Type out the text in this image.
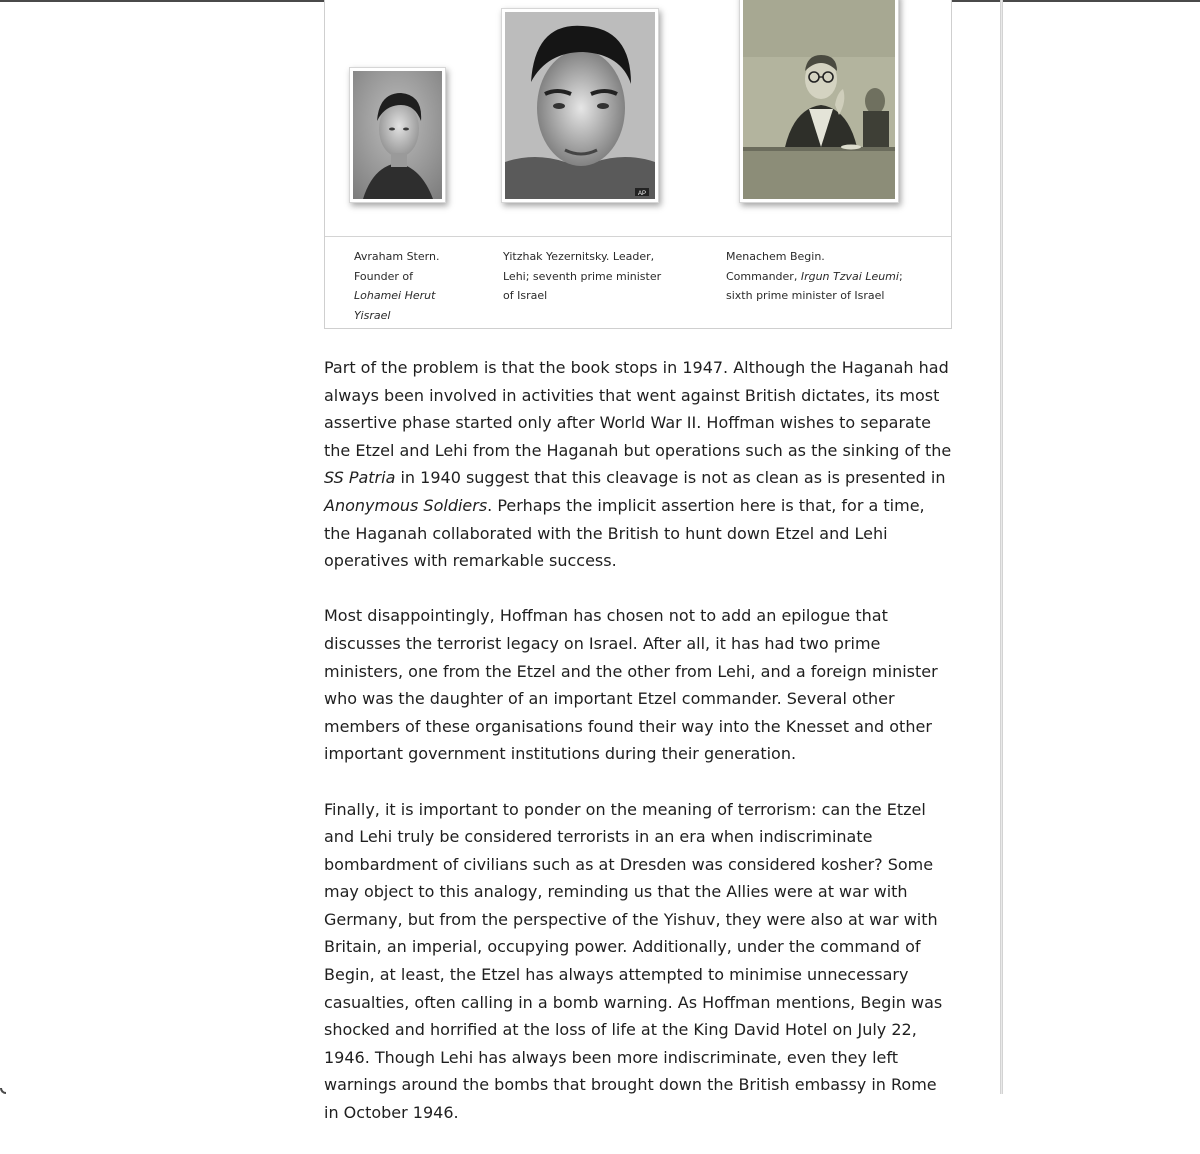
AP
Avraham Stern.
Founder of
Lohamei Herut
Yisrael
Yitzhak Yezernitsky. Leader,
Lehi; seventh prime minister
of Israel
Menachem Begin.
Commander, Irgun Tzvai Leumi;
sixth prime minister of Israel

Part of the problem is that the book stops in 1947. Although the Haganah had always been involved in activities that went against British dictates, its most assertive phase started only after World War II. Hoffman wishes to separate the Etzel and Lehi from the Haganah but operations such as the sinking of the SS Patria in 1940 suggest that this cleavage is not as clean as is presented in Anonymous Soldiers. Perhaps the implicit assertion here is that, for a time, the Haganah collaborated with the British to hunt down Etzel and Lehi operatives with remarkable success.

Most disappointingly, Hoffman has chosen not to add an epilogue that discusses the terrorist legacy on Israel. After all, it has had two prime ministers, one from the Etzel and the other from Lehi, and a foreign minister who was the daughter of an important Etzel commander. Several other members of these organisations found their way into the Knesset and other important government institutions during their generation.

Finally, it is important to ponder on the meaning of terrorism: can the Etzel and Lehi truly be considered terrorists in an era when indiscriminate bombardment of civilians such as at Dresden was considered kosher? Some may object to this analogy, reminding us that the Allies were at war with Germany, but from the perspective of the Yishuv, they were also at war with Britain, an imperial, occupying power. Additionally, under the command of Begin, at least, the Etzel has always attempted to minimise unnecessary casualties, often calling in a bomb warning. As Hoffman mentions, Begin was shocked and horrified at the loss of life at the King David Hotel on July 22, 1946. Though Lehi has always been more indiscriminate, even they left warnings around the bombs that brought down the British embassy in Rome in October 1946.
